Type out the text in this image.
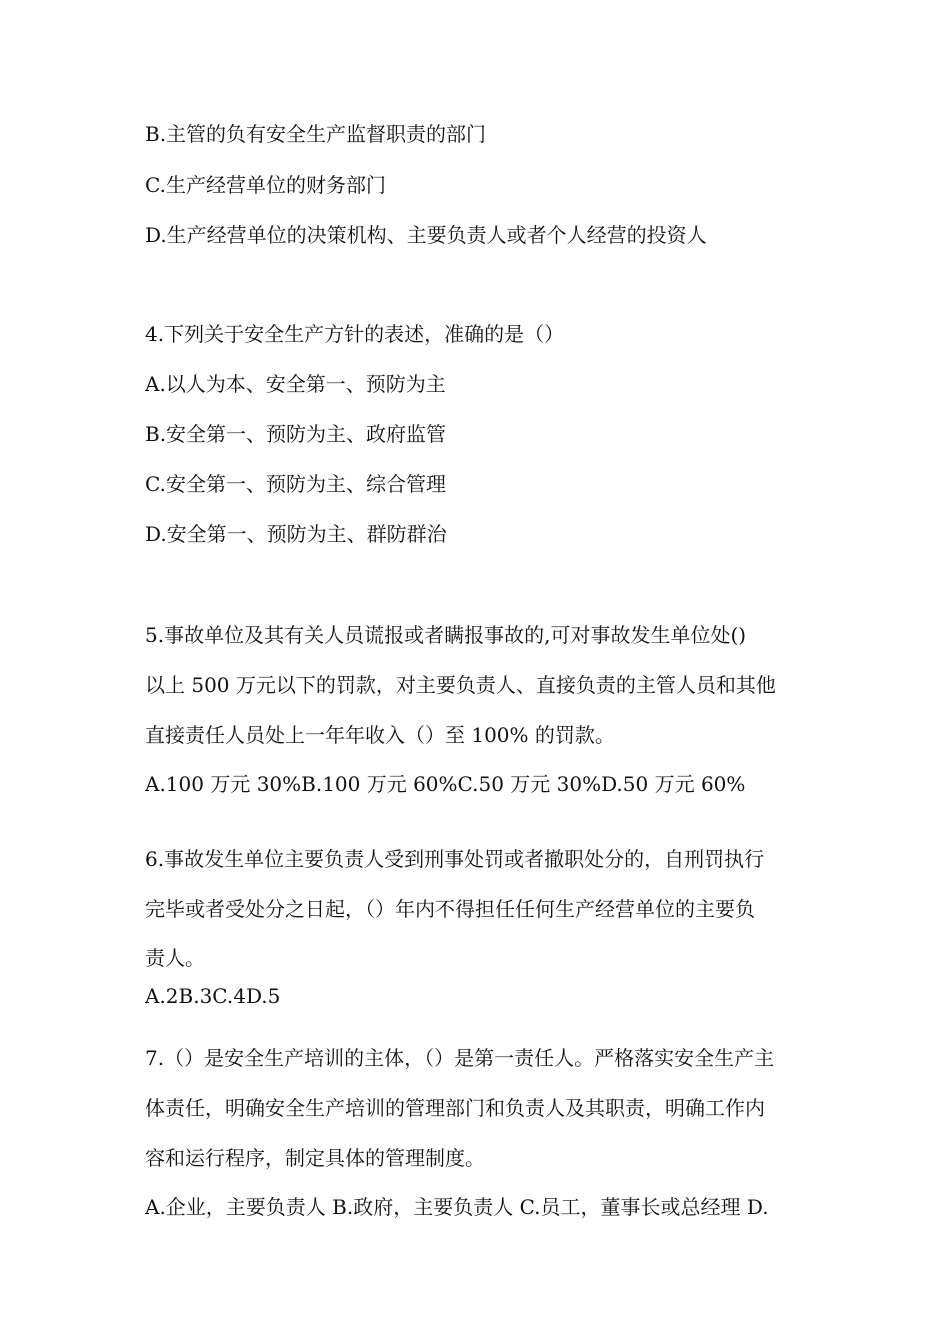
B.主管的负有安全生产监督职责的部门
C.生产经营单位的财务部门
D.生产经营单位的决策机构、主要负责人或者个人经营的投资人
4.下列关于安全生产方针的表述，准确的是（）
A.以人为本、安全第一、预防为主
B.安全第一、预防为主、政府监管
C.安全第一、预防为主、综合管理
D.安全第一、预防为主、群防群治
5.事故单位及其有关人员谎报或者瞒报事故的,可对事故发生单位处()
以上 500 万元以下的罚款，对主要负责人、直接负责的主管人员和其他
直接责任人员处上一年年收入（）至 100% 的罚款。
A.100 万元 30%B.100 万元 60%C.50 万元 30%D.50 万元 60%
6.事故发生单位主要负责人受到刑事处罚或者撤职处分的，自刑罚执行
完毕或者受处分之日起，（）年内不得担任任何生产经营单位的主要负
责人。
A.2B.3C.4D.5
7.（）是安全生产培训的主体，（）是第一责任人。严格落实安全生产主
体责任，明确安全生产培训的管理部门和负责人及其职责，明确工作内
容和运行程序，制定具体的管理制度。
A.企业，主要负责人 B.政府，主要负责人 C.员工，董事长或总经理 D.
